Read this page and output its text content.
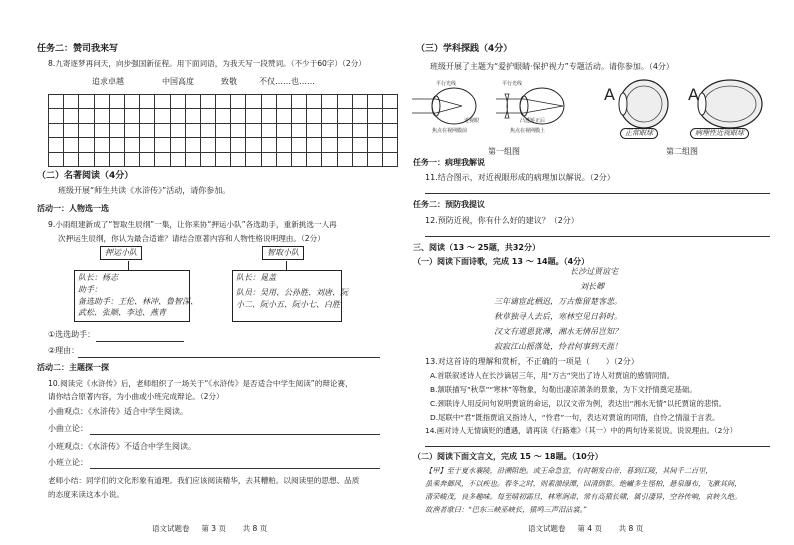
任务二：赞司我来写
8.九寄逐梦再问天，向步强国新征程。用下面词语，为我天写一段赞词。（不少于60字）（2分）
追求卓越	中国高度	致敬	不仅……也……

（二）名著阅读（4分）
班级开展“师生共读《水浒传》”活动，请你参加。
活动一：人物选一选
9.小雨组建新成了“智取生辰纲”一集，让你来协“押运小队”各选助手，重新挑选一人再
次押运生辰纲，你认为最合适谁？请结合原著内容和人物性格说明理由。（2分）
押运小队
队长：杨志
助手：
备选助手：王伦、林冲、鲁智深、
武松、张顺、李逵、燕青
智取小队
队长：晁盖
队员：吴用、公孙胜、刘唐、阮
小二、阮小五、阮小七、白胜
①选选助手：
②理由：
活动二：主题探一探
10.阅读完《水浒传》后，老师组织了一场关于“《水浒传》是否适合中学生阅读”的辩论赛，
请你结合原著内容，为小曲或小班完成辩论。（2分）
小曲观点：《水浒传》适合中学生阅读。
小曲立论：
小班观点：《水浒传》不适合中学生阅读。
小班立论：
老师小结：同学们的文化形象有道理。我们应该阅读精华，去其糟粕。以阅读里的思想、品质
的态度来读这本小说。
语文试题卷 第 3 页 共 8 页
（三）学科探践（4分）
班级开展了主题为“爱护眼睛·保护视力”专题活动。请你参加。（4分）
平行光线	平行光线
近视眼	凸透矫正后
焦点在视网膜前	焦点在视网膜上
A	A
正常眼球	病理性近视眼球
第一组图	第二组图
任务一：病理我解说
11.结合图示，对近视眼形成的病理加以解说。（2分）
任务二：预防我提议
12.预防近视，你有什么好的建议？（2分）
三、阅读（13 ～ 25题，共32分）
（一）阅读下面诗歌，完成 13 ～ 14题。（4分）
长沙过贾谊宅
刘长卿
三年谪宦此栖迟，万古惟留楚客悲。
秋草独寻人去后，寒林空见日斜时。
汉文有道恩犹薄，湘水无情吊岂知？
寂寂江山摇落处，怜君何事到天涯！
13.对这首诗的理解和赏析，不正确的一项是（　　）（2分）
A.首联叙述诗人在长沙谪居三年，用“万古”突出了诗人对贾谊的感情同情。
B.颔联描写“秋草”“寒林”等物象，勾勒出凄凉萧条的景象，为下文抒情奠定基础。
C.颈联诗人用反问句说明贾谊的命运，以汉文帝为例，表达出“湘水无情”以托贾谊的悲愤。
D.尾联中“君”既指贾谊又指诗人，“怜君”一句，表达对贾谊的同情，自怜之情溢于言表。
14.画对诗人无情谪贬的遭遇，请再读《行路难》（其一）中的两句诗来说说。说说理由。（2分）
（二）阅读下面文言文，完成 15 ～ 18题。（10分）
【甲】至于夏水襄陵，沿溯阻绝。或王命急宣，有时朝发白帝，暮到江陵，其间千二百里，
虽乘奔御风，不以疾也。春冬之时，则素湍绿潭，回清倒影。绝𪩘多生怪柏，悬泉瀑布，飞漱其间，
清荣峻茂，良多趣味。每至晴初霜旦，林寒涧肃，常有高猿长啸，属引凄异，空谷传响，哀转久绝。
故渔者歌曰：“巴东三峡巫峡长，猿鸣三声泪沾裳。”
语文试题卷 第 4 页 共 8 页
